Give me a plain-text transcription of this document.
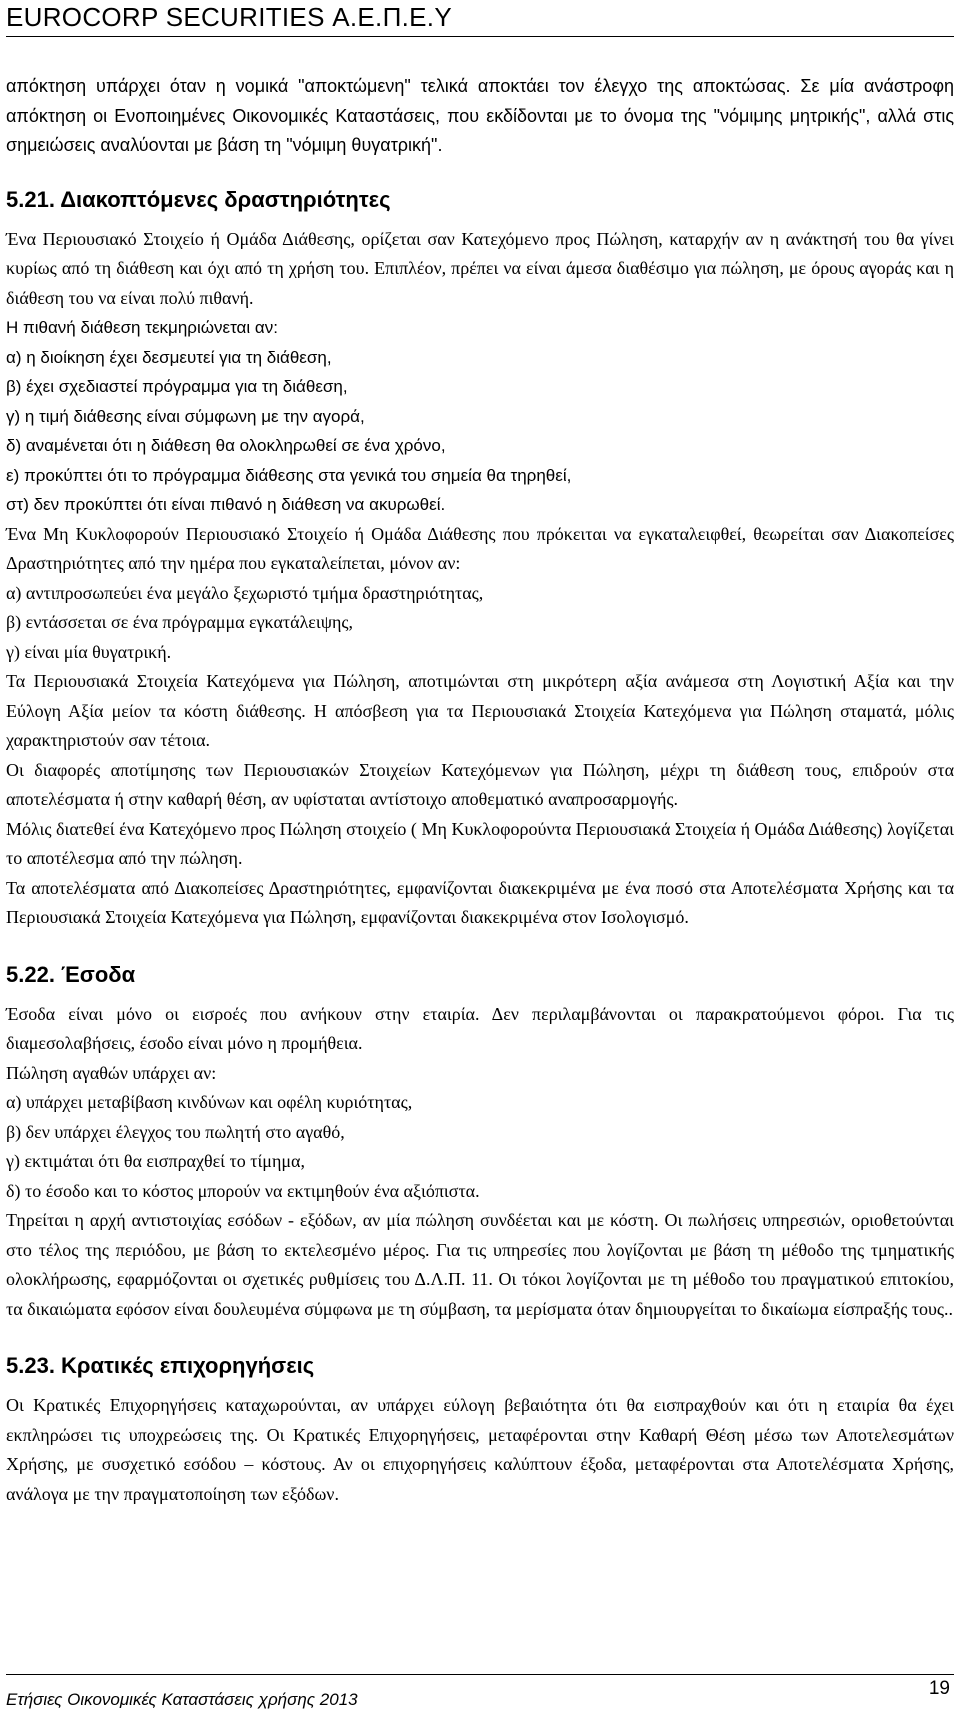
EUROCORP SECURITIES Α.Ε.Π.Ε.Υ

απόκτηση υπάρχει όταν η νομικά "αποκτώμενη" τελικά αποκτάει τον έλεγχο της αποκτώσας. Σε μία ανάστροφη απόκτηση οι Ενοποιημένες Οικονομικές Καταστάσεις, που εκδίδονται με το όνομα της "νόμιμης μητρικής", αλλά στις σημειώσεις αναλύονται με βάση τη "νόμιμη θυγατρική".

5.21. Διακοπτόμενες δραστηριότητες

Ένα Περιουσιακό Στοιχείο ή Ομάδα Διάθεσης, ορίζεται σαν Κατεχόμενο προς Πώληση, καταρχήν αν η ανάκτησή του θα γίνει κυρίως από τη διάθεση και όχι από τη χρήση του. Επιπλέον, πρέπει να είναι άμεσα διαθέσιμο για πώληση, με όρους αγοράς και η διάθεση του να είναι πολύ πιθανή.

Η πιθανή διάθεση τεκμηριώνεται αν:

α) η διοίκηση έχει δεσμευτεί για τη διάθεση,

β) έχει σχεδιαστεί πρόγραμμα για τη διάθεση,

γ) η τιμή διάθεσης είναι σύμφωνη με την αγορά,

δ) αναμένεται ότι η διάθεση θα ολοκληρωθεί σε ένα χρόνο,

ε) προκύπτει ότι το πρόγραμμα διάθεσης στα γενικά του σημεία θα τηρηθεί,

στ) δεν προκύπτει ότι είναι πιθανό η διάθεση να ακυρωθεί.

Ένα Μη Κυκλοφορούν Περιουσιακό Στοιχείο ή Ομάδα Διάθεσης που πρόκειται να εγκαταλειφθεί, θεωρείται σαν Διακοπείσες Δραστηριότητες από την ημέρα που εγκαταλείπεται, μόνον αν:

α) αντιπροσωπεύει ένα μεγάλο ξεχωριστό τμήμα δραστηριότητας,

β) εντάσσεται σε ένα πρόγραμμα εγκατάλειψης,

γ) είναι μία θυγατρική.

Τα Περιουσιακά Στοιχεία Κατεχόμενα για Πώληση, αποτιμώνται στη μικρότερη αξία ανάμεσα στη Λογιστική Αξία και την Εύλογη Αξία μείον τα κόστη διάθεσης. Η απόσβεση για τα Περιουσιακά Στοιχεία Κατεχόμενα για Πώληση σταματά, μόλις χαρακτηριστούν σαν τέτοια.

Οι διαφορές αποτίμησης των Περιουσιακών Στοιχείων Κατεχόμενων για Πώληση, μέχρι τη διάθεση τους, επιδρούν στα αποτελέσματα ή στην καθαρή θέση, αν υφίσταται αντίστοιχο αποθεματικό αναπροσαρμογής.

Μόλις διατεθεί ένα Κατεχόμενο προς Πώληση στοιχείο ( Μη Κυκλοφορούντα Περιουσιακά Στοιχεία ή Ομάδα Διάθεσης) λογίζεται το αποτέλεσμα από την πώληση.

Τα αποτελέσματα από Διακοπείσες Δραστηριότητες, εμφανίζονται διακεκριμένα με ένα ποσό στα Αποτελέσματα Χρήσης και τα Περιουσιακά Στοιχεία Κατεχόμενα για Πώληση, εμφανίζονται διακεκριμένα στον Ισολογισμό.

5.22. Έσοδα

Έσοδα είναι μόνο οι εισροές που ανήκουν στην εταιρία. Δεν περιλαμβάνονται οι παρακρατούμενοι φόροι. Για τις διαμεσολαβήσεις, έσοδο είναι μόνο η προμήθεια.

Πώληση αγαθών υπάρχει αν:

α) υπάρχει μεταβίβαση κινδύνων και οφέλη κυριότητας,

β) δεν υπάρχει έλεγχος του πωλητή στο αγαθό,

γ) εκτιμάται ότι θα εισπραχθεί το τίμημα,

δ) το έσοδο και το κόστος μπορούν να εκτιμηθούν ένα αξιόπιστα.

Τηρείται η αρχή αντιστοιχίας εσόδων - εξόδων, αν μία πώληση συνδέεται και με κόστη. Οι πωλήσεις υπηρεσιών, οριοθετούνται στο τέλος της περιόδου, με βάση το εκτελεσμένο μέρος. Για τις υπηρεσίες που λογίζονται με βάση τη μέθοδο της τμηματικής ολοκλήρωσης, εφαρμόζονται οι σχετικές ρυθμίσεις του Δ.Λ.Π. 11. Οι τόκοι λογίζονται με τη μέθοδο του πραγματικού επιτοκίου, τα δικαιώματα εφόσον είναι δουλευμένα σύμφωνα με τη σύμβαση, τα μερίσματα όταν δημιουργείται το δικαίωμα είσπραξής τους..

5.23. Κρατικές επιχορηγήσεις

Οι Κρατικές Επιχορηγήσεις καταχωρούνται, αν υπάρχει εύλογη βεβαιότητα ότι θα εισπραχθούν και ότι η εταιρία θα έχει εκπληρώσει τις υποχρεώσεις της. Οι Κρατικές Επιχορηγήσεις, μεταφέρονται στην Καθαρή Θέση μέσω των Αποτελεσμάτων Χρήσης, με συσχετικό εσόδου – κόστους. Αν οι επιχορηγήσεις καλύπτουν έξοδα, μεταφέρονται στα Αποτελέσματα Χρήσης, ανάλογα με την πραγματοποίηση των εξόδων.

Ετήσιες Οικονομικές Καταστάσεις χρήσης 2013
19
